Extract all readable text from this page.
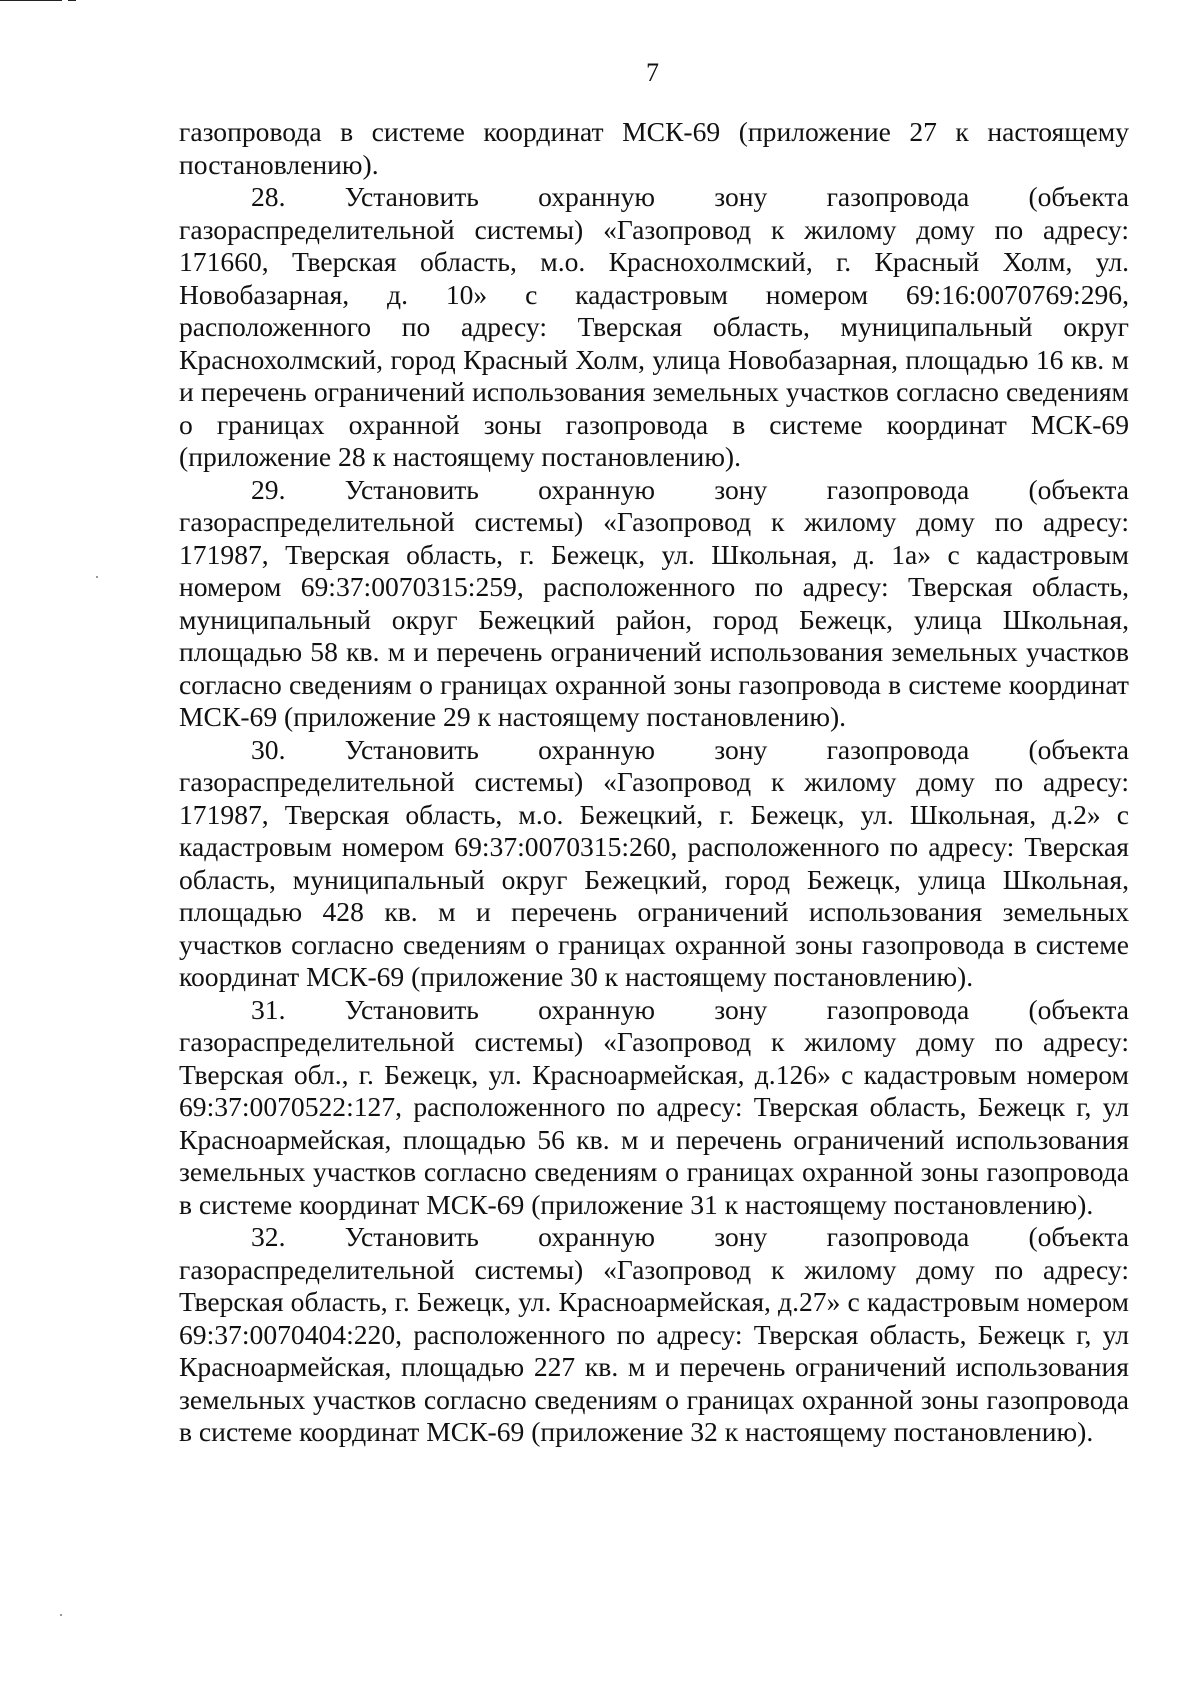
7

газопровода в системе координат МСК-69 (приложение 27 к настоящему постановлению).

28. Установить охранную зону газопровода (объекта газораспределительной системы) «Газопровод к жилому дому по адресу: 171660, Тверская область, м.о. Краснохолмский, г. Красный Холм, ул. Новобазарная, д. 10» с кадастровым номером 69:16:0070769:296, расположенного по адресу: Тверская область, муниципальный округ Краснохолмский, город Красный Холм, улица Новобазарная, площадью 16 кв. м и перечень ограничений использования земельных участков согласно сведениям о границах охранной зоны газопровода в системе координат МСК-69 (приложение 28 к настоящему постановлению).

29. Установить охранную зону газопровода (объекта газораспределительной системы) «Газопровод к жилому дому по адресу: 171987, Тверская область, г. Бежецк, ул. Школьная, д. 1а» с кадастровым номером 69:37:0070315:259, расположенного по адресу: Тверская область, муниципальный округ Бежецкий район, город Бежецк, улица Школьная, площадью 58 кв. м и перечень ограничений использования земельных участков согласно сведениям о границах охранной зоны газопровода в системе координат МСК-69 (приложение 29 к настоящему постановлению).

30. Установить охранную зону газопровода (объекта газораспределительной системы) «Газопровод к жилому дому по адресу: 171987, Тверская область, м.о. Бежецкий, г. Бежецк, ул. Школьная, д.2» с кадастровым номером 69:37:0070315:260, расположенного по адресу: Тверская область, муниципальный округ Бежецкий, город Бежецк, улица Школьная, площадью 428 кв. м и перечень ограничений использования земельных участков согласно сведениям о границах охранной зоны газопровода в системе координат МСК-69 (приложение 30 к настоящему постановлению).

31. Установить охранную зону газопровода (объекта газораспределительной системы) «Газопровод к жилому дому по адресу: Тверская обл., г. Бежецк, ул. Красноармейская, д.126» с кадастровым номером 69:37:0070522:127, расположенного по адресу: Тверская область, Бежецк г, ул Красноармейская, площадью 56 кв. м и перечень ограничений использования земельных участков согласно сведениям о границах охранной зоны газопровода в системе координат МСК-69 (приложение 31 к настоящему постановлению).

32. Установить охранную зону газопровода (объекта газораспределительной системы) «Газопровод к жилому дому по адресу: Тверская область, г. Бежецк, ул. Красноармейская, д.27» с кадастровым номером 69:37:0070404:220, расположенного по адресу: Тверская область, Бежецк г, ул Красноармейская, площадью 227 кв. м и перечень ограничений использования земельных участков согласно сведениям о границах охранной зоны газопровода в системе координат МСК-69 (приложение 32 к настоящему постановлению).
